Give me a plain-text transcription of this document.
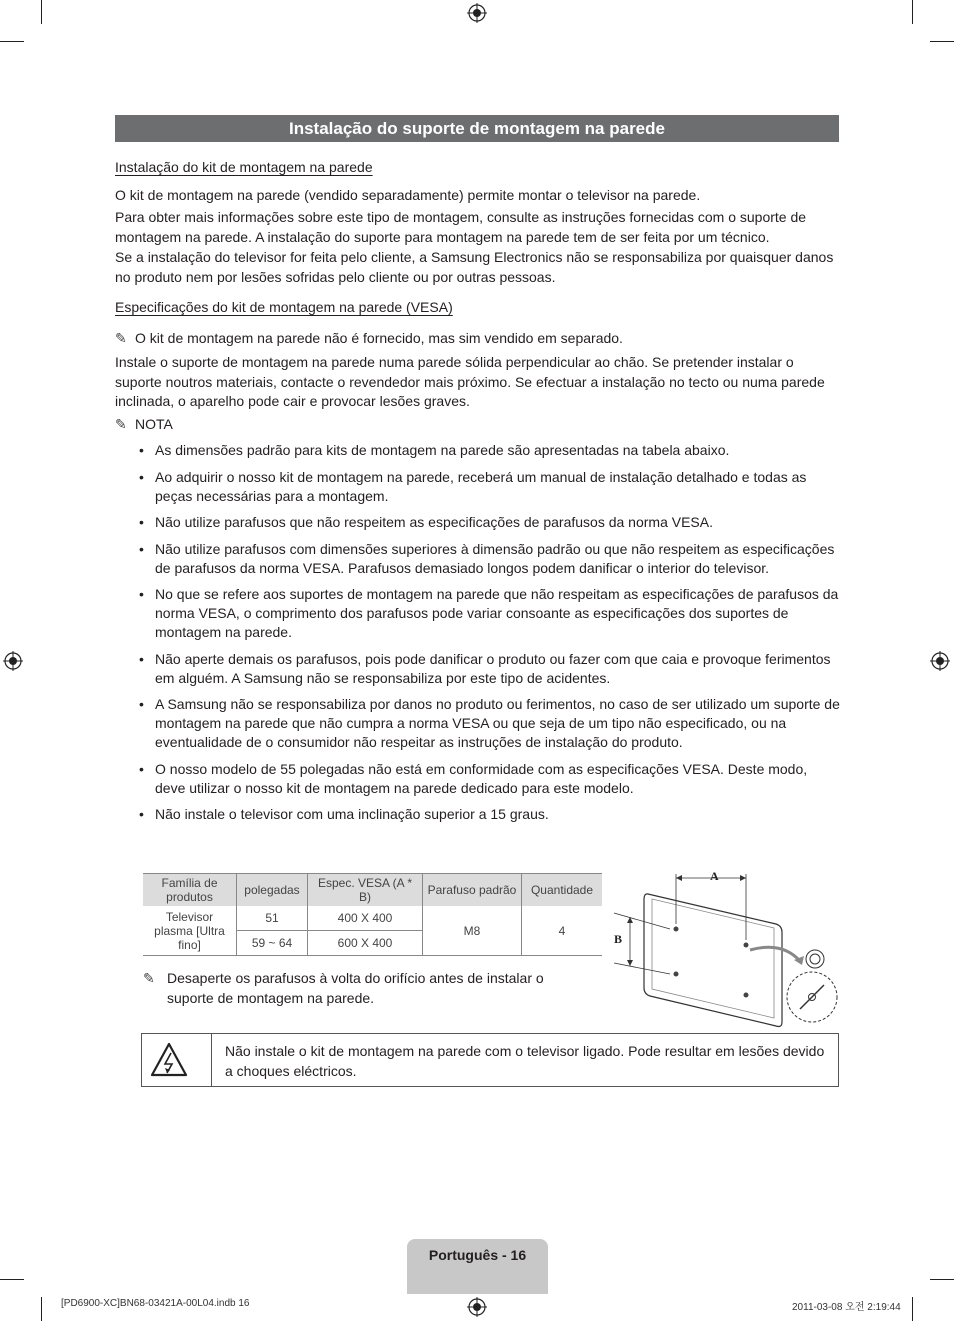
Instalação do suporte de montagem na parede
Instalação do kit de montagem na parede

O kit de montagem na parede (vendido separadamente) permite montar o televisor na parede.

Para obter mais informações sobre este tipo de montagem, consulte as instruções fornecidas com o suporte de montagem na parede. A instalação do suporte para montagem na parede tem de ser feita por um técnico.

Se a instalação do televisor for feita pelo cliente, a Samsung Electronics não se responsabiliza por quaisquer danos no produto nem por lesões sofridas pelo cliente ou por outras pessoas.

Especificações do kit de montagem na parede (VESA)
✎ O kit de montagem na parede não é fornecido, mas sim vendido em separado.

Instale o suporte de montagem na parede numa parede sólida perpendicular ao chão. Se pretender instalar o suporte noutros materiais, contacte o revendedor mais próximo. Se efectuar a instalação no tecto ou numa parede inclinada, o aparelho pode cair e provocar lesões graves.

✎ NOTA
• As dimensões padrão para kits de montagem na parede são apresentadas na tabela abaixo.
• Ao adquirir o nosso kit de montagem na parede, receberá um manual de instalação detalhado e todas as peças necessárias para a montagem.
• Não utilize parafusos que não respeitem as especificações de parafusos da norma VESA.
• Não utilize parafusos com dimensões superiores à dimensão padrão ou que não respeitem as especificações de parafusos da norma VESA. Parafusos demasiado longos podem danificar o interior do televisor.
• No que se refere aos suportes de montagem na parede que não respeitam as especificações de parafusos da norma VESA, o comprimento dos parafusos pode variar consoante as especificações dos suportes de montagem na parede.
• Não aperte demais os parafusos, pois pode danificar o produto ou fazer com que caia e provoque ferimentos em alguém. A Samsung não se responsabiliza por este tipo de acidentes.
• A Samsung não se responsabiliza por danos no produto ou ferimentos, no caso de ser utilizado um suporte de montagem na parede que não cumpra a norma VESA ou que seja de um tipo não especificado, ou na eventualidade de o consumidor não respeitar as instruções de instalação do produto.
• O nosso modelo de 55 polegadas não está em conformidade com as especificações VESA. Deste modo, deve utilizar o nosso kit de montagem na parede dedicado para este modelo.
• Não instale o televisor com uma inclinação superior a 15 graus.
Família de produtos	polegadas	Espec. VESA (A * B)	Parafuso padrão	Quantidade
Televisor plasma [Ultra fino]	51	400 X 400	M8	4
	59 ~ 64	600 X 400		
A
B
✎ Desaperte os parafusos à volta do orifício antes de instalar o suporte de montagem na parede.
Não instale o kit de montagem na parede com o televisor ligado. Pode resultar em lesões devido a choques eléctricos.
Português - 16
[PD6900-XC]BN68-03421A-00L04.indb 16	2011-03-08 오전 2:19:44
